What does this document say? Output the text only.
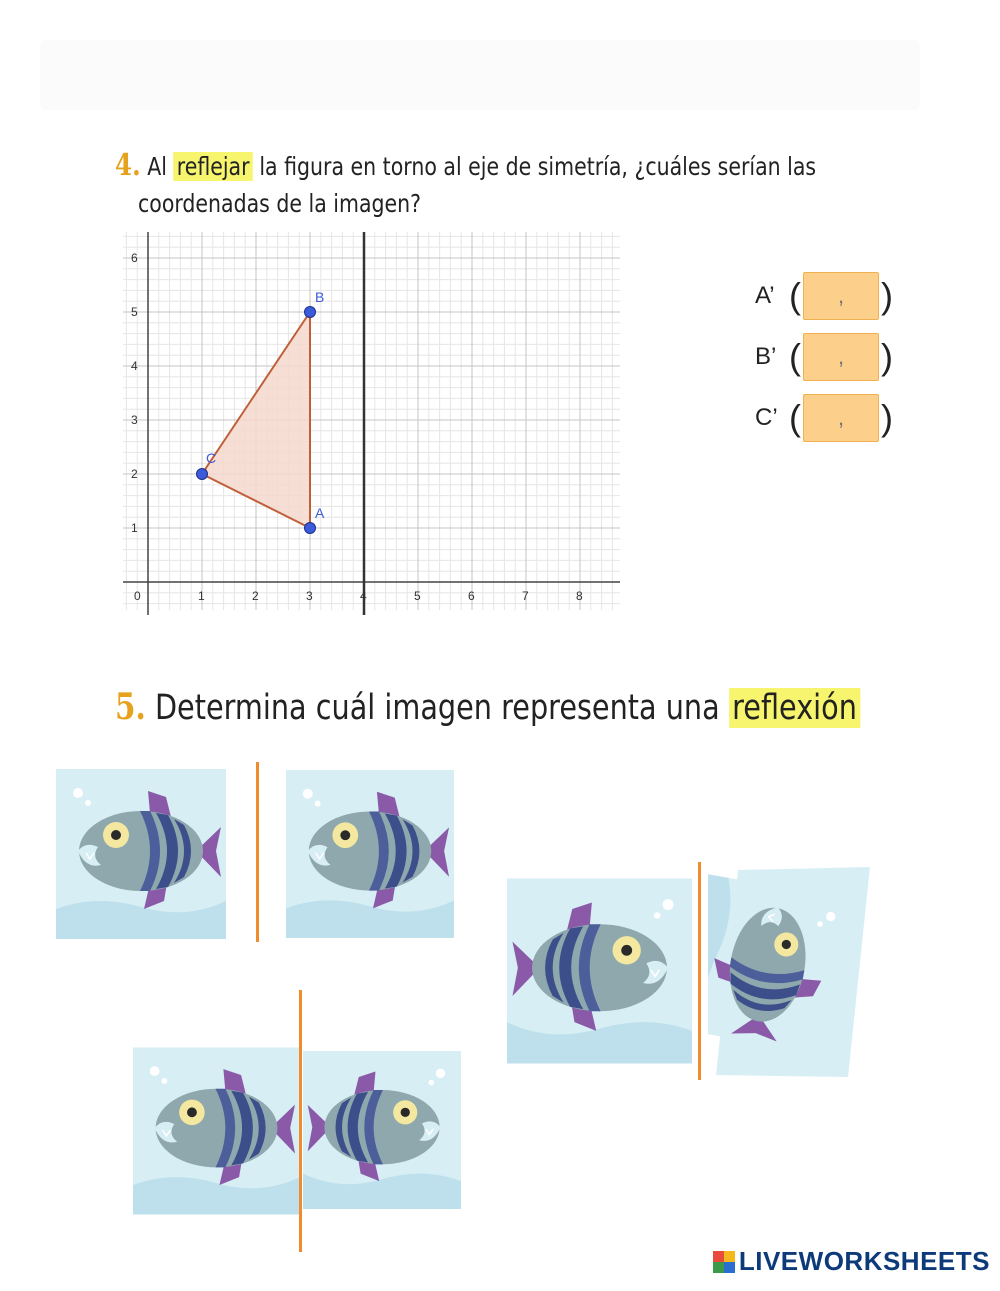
4. Al reflejar la figura en torno al eje de simetría, ¿cuáles serían las
coordenadas de la imagen?
0	1	2	3	4	5	6	7	8
1
2
3
4
5
6
A
B
C
A’ (
, )
B’ (
, )
C’ (
, )
5. Determina cuál imagen representa una reflexión
LIVEWORKSHEETS
